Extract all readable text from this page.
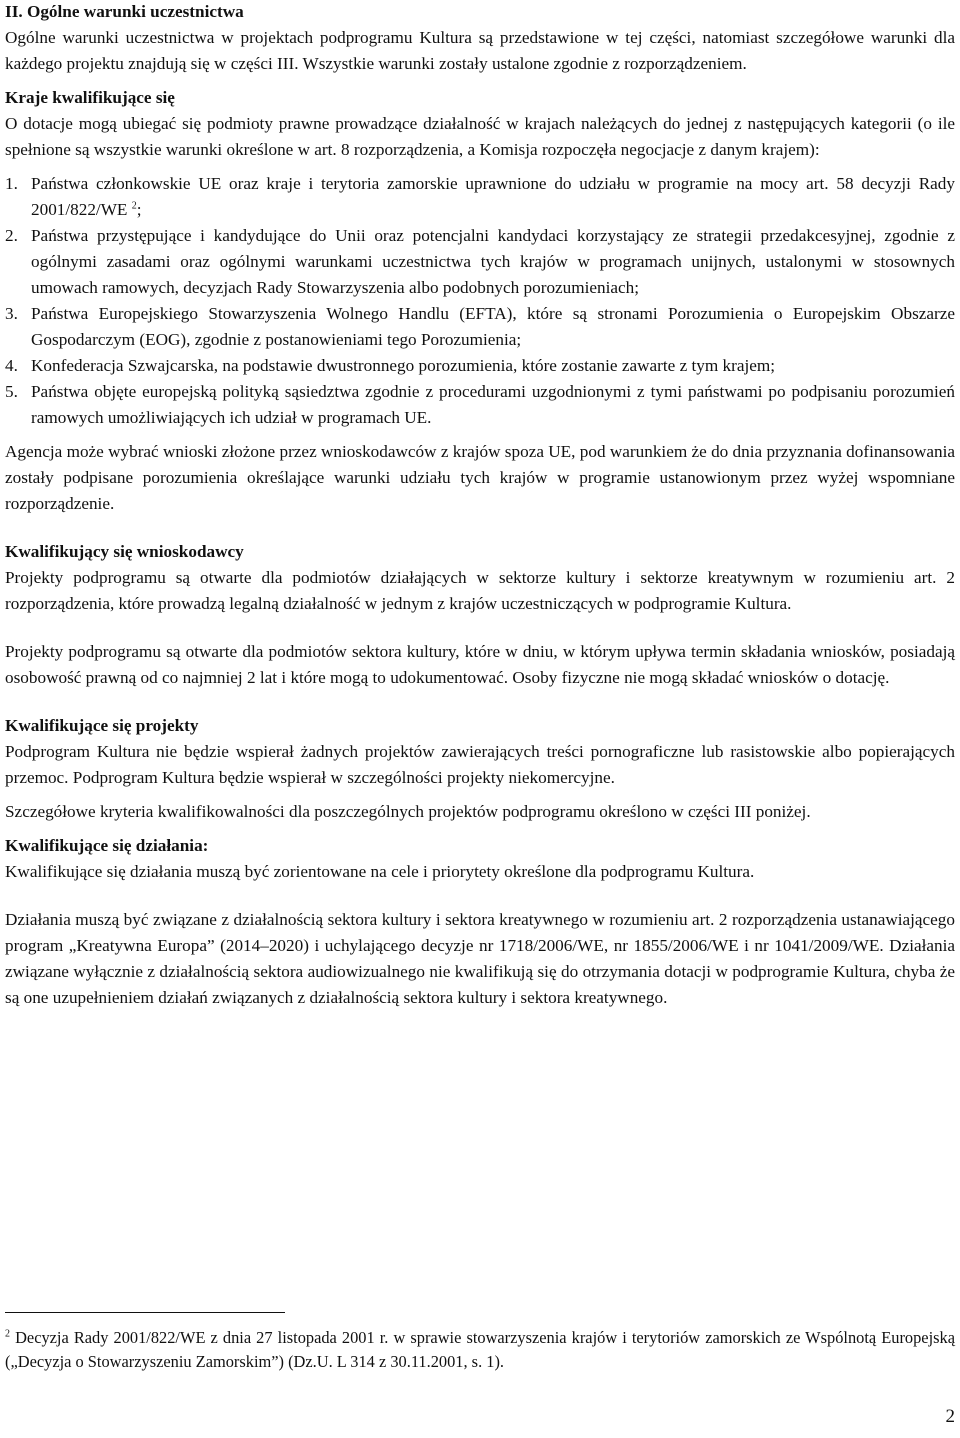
II. Ogólne warunki uczestnictwa

Ogólne warunki uczestnictwa w projektach podprogramu Kultura są przedstawione w tej części, natomiast szczegółowe warunki dla każdego projektu znajdują się w części III. Wszystkie warunki zostały ustalone zgodnie z rozporządzeniem.

Kraje kwalifikujące się

O dotacje mogą ubiegać się podmioty prawne prowadzące działalność w krajach należących do jednej z następujących kategorii (o ile spełnione są wszystkie warunki określone w art. 8 rozporządzenia, a Komisja rozpoczęła negocjacje z danym krajem):

1. Państwa członkowskie UE oraz kraje i terytoria zamorskie uprawnione do udziału w programie na mocy art. 58 decyzji Rady 2001/822/WE $^2$;
2. Państwa przystępujące i kandydujące do Unii oraz potencjalni kandydaci korzystający ze strategii przedakcesyjnej, zgodnie z ogólnymi zasadami oraz ogólnymi warunkami uczestnictwa tych krajów w programach unijnych, ustalonymi w stosownych umowach ramowych, decyzjach Rady Stowarzyszenia albo podobnych porozumieniach;
3. Państwa Europejskiego Stowarzyszenia Wolnego Handlu (EFTA), które są stronami Porozumienia o Europejskim Obszarze Gospodarczym (EOG), zgodnie z postanowieniami tego Porozumienia;
4. Konfederacja Szwajcarska, na podstawie dwustronnego porozumienia, które zostanie zawarte z tym krajem;
5. Państwa objęte europejską polityką sąsiedztwa zgodnie z procedurami uzgodnionymi z tymi państwami po podpisaniu porozumień ramowych umożliwiających ich udział w programach UE.

Agencja może wybrać wnioski złożone przez wnioskodawców z krajów spoza UE, pod warunkiem że do dnia przyznania dofinansowania zostały podpisane porozumienia określające warunki udziału tych krajów w programie ustanowionym przez wyżej wspomniane rozporządzenie.

Kwalifikujący się wnioskodawcy

Projekty podprogramu są otwarte dla podmiotów działających w sektorze kultury i sektorze kreatywnym w rozumieniu art. 2 rozporządzenia, które prowadzą legalną działalność w jednym z krajów uczestniczących w podprogramie Kultura.

Projekty podprogramu są otwarte dla podmiotów sektora kultury, które w dniu, w którym upływa termin składania wniosków, posiadają osobowość prawną od co najmniej 2 lat i które mogą to udokumentować. Osoby fizyczne nie mogą składać wniosków o dotację.

Kwalifikujące się projekty

Podprogram Kultura nie będzie wspierał żadnych projektów zawierających treści pornograficzne lub rasistowskie albo popierających przemoc. Podprogram Kultura będzie wspierał w szczególności projekty niekomercyjne.

Szczegółowe kryteria kwalifikowalności dla poszczególnych projektów podprogramu określono w części III poniżej.

Kwalifikujące się działania:

Kwalifikujące się działania muszą być zorientowane na cele i priorytety określone dla podprogramu Kultura.

Działania muszą być związane z działalnością sektora kultury i sektora kreatywnego w rozumieniu art. 2 rozporządzenia ustanawiającego program „Kreatywna Europa” (2014–2020) i uchylającego decyzje nr 1718/2006/WE, nr 1855/2006/WE i nr 1041/2009/WE. Działania związane wyłącznie z działalnością sektora audiowizualnego nie kwalifikują się do otrzymania dotacji w podprogramie Kultura, chyba że są one uzupełnieniem działań związanych z działalnością sektora kultury i sektora kreatywnego.

$^2$ Decyzja Rady 2001/822/WE z dnia 27 listopada 2001 r. w sprawie stowarzyszenia krajów i terytoriów zamorskich ze Wspólnotą Europejską („Decyzja o Stowarzyszeniu Zamorskim”) (Dz.U. L 314 z 30.11.2001, s. 1).

2
